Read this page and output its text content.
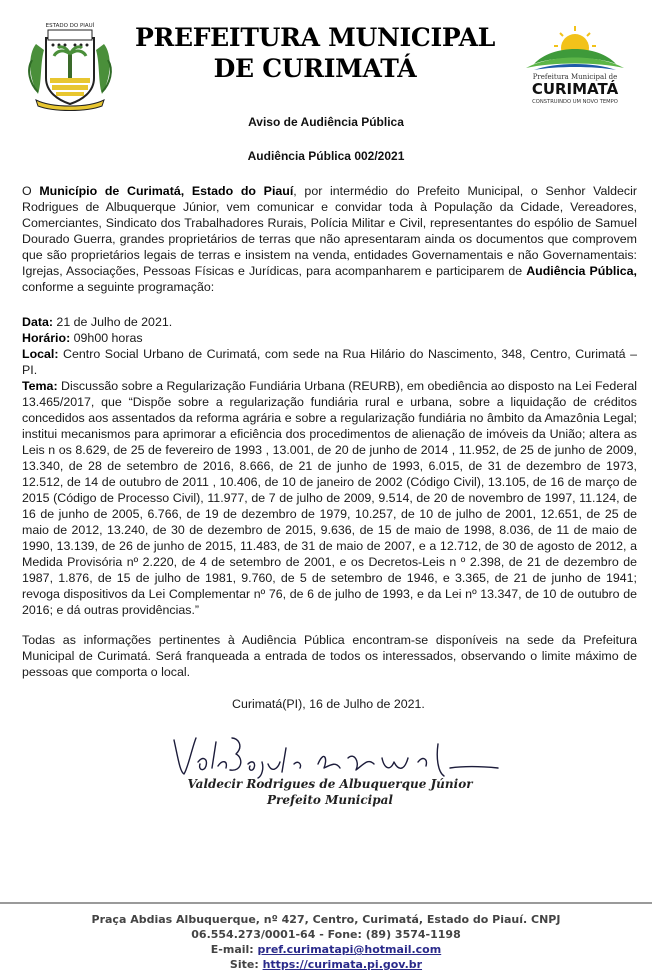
ESTADO DO PIAUÍ	PREFEITURA MUNICIPAL
DE CURIMATÁ	Prefeitura Municipal de
CURIMATÁ
CONSTRUINDO UM NOVO TEMPO
Aviso de Audiência Pública
Audiência Pública 002/2021

O Município de Curimatá, Estado do Piauí, por intermédio do Prefeito Municipal, o Senhor Valdecir Rodrigues de Albuquerque Júnior, vem comunicar e convidar toda à População da Cidade, Vereadores, Comerciantes, Sindicato dos Trabalhadores Rurais, Polícia Militar e Civil, representantes do espólio de Samuel Dourado Guerra, grandes proprietários de terras que não apresentaram ainda os documentos que comprovem que são proprietários legais de terras e insistem na venda, entidades Governamentais e não Governamentais: Igrejas, Associações, Pessoas Físicas e Jurídicas, para acompanharem e participarem de Audiência Pública, conforme a seguinte programação:

Data: 21 de Julho de 2021.

Horário: 09h00 horas

Local: Centro Social Urbano de Curimatá, com sede na Rua Hilário do Nascimento, 348, Centro, Curimatá – PI.

Tema: Discussão sobre a Regularização Fundiária Urbana (REURB), em obediência ao disposto na Lei Federal 13.465/2017, que “Dispõe sobre a regularização fundiária rural e urbana, sobre a liquidação de créditos concedidos aos assentados da reforma agrária e sobre a regularização fundiária no âmbito da Amazônia Legal; institui mecanismos para aprimorar a eficiência dos procedimentos de alienação de imóveis da União; altera as Leis n os 8.629, de 25 de fevereiro de 1993 , 13.001, de 20 de junho de 2014 , 11.952, de 25 de junho de 2009, 13.340, de 28 de setembro de 2016, 8.666, de 21 de junho de 1993, 6.015, de 31 de dezembro de 1973, 12.512, de 14 de outubro de 2011 , 10.406, de 10 de janeiro de 2002 (Código Civil), 13.105, de 16 de março de 2015 (Código de Processo Civil), 11.977, de 7 de julho de 2009, 9.514, de 20 de novembro de 1997, 11.124, de 16 de junho de 2005, 6.766, de 19 de dezembro de 1979, 10.257, de 10 de julho de 2001, 12.651, de 25 de maio de 2012, 13.240, de 30 de dezembro de 2015, 9.636, de 15 de maio de 1998, 8.036, de 11 de maio de 1990, 13.139, de 26 de junho de 2015, 11.483, de 31 de maio de 2007, e a 12.712, de 30 de agosto de 2012, a Medida Provisória nº 2.220, de 4 de setembro de 2001, e os Decretos-Leis n º 2.398, de 21 de dezembro de 1987, 1.876, de 15 de julho de 1981, 9.760, de 5 de setembro de 1946, e 3.365, de 21 de junho de 1941; revoga dispositivos da Lei Complementar nº 76, de 6 de julho de 1993, e da Lei nº 13.347, de 10 de outubro de 2016; e dá outras providências.”

Todas as informações pertinentes à Audiência Pública encontram-se disponíveis na sede da Prefeitura Municipal de Curimatá. Será franqueada a entrada de todos os interessados, observando o limite máximo de pessoas que comporta o local.

Curimatá(PI), 16 de Julho de 2021.
Valdecir Rodrigues de Albuquerque Júnior
Prefeito Municipal
Praça Abdias Albuquerque, nº 427, Centro, Curimatá, Estado do Piauí. CNPJ
06.554.273/0001-64 - Fone: (89) 3574-1198
E-mail: pref.curimatapi@hotmail.com
Site: https://curimata.pi.gov.br
